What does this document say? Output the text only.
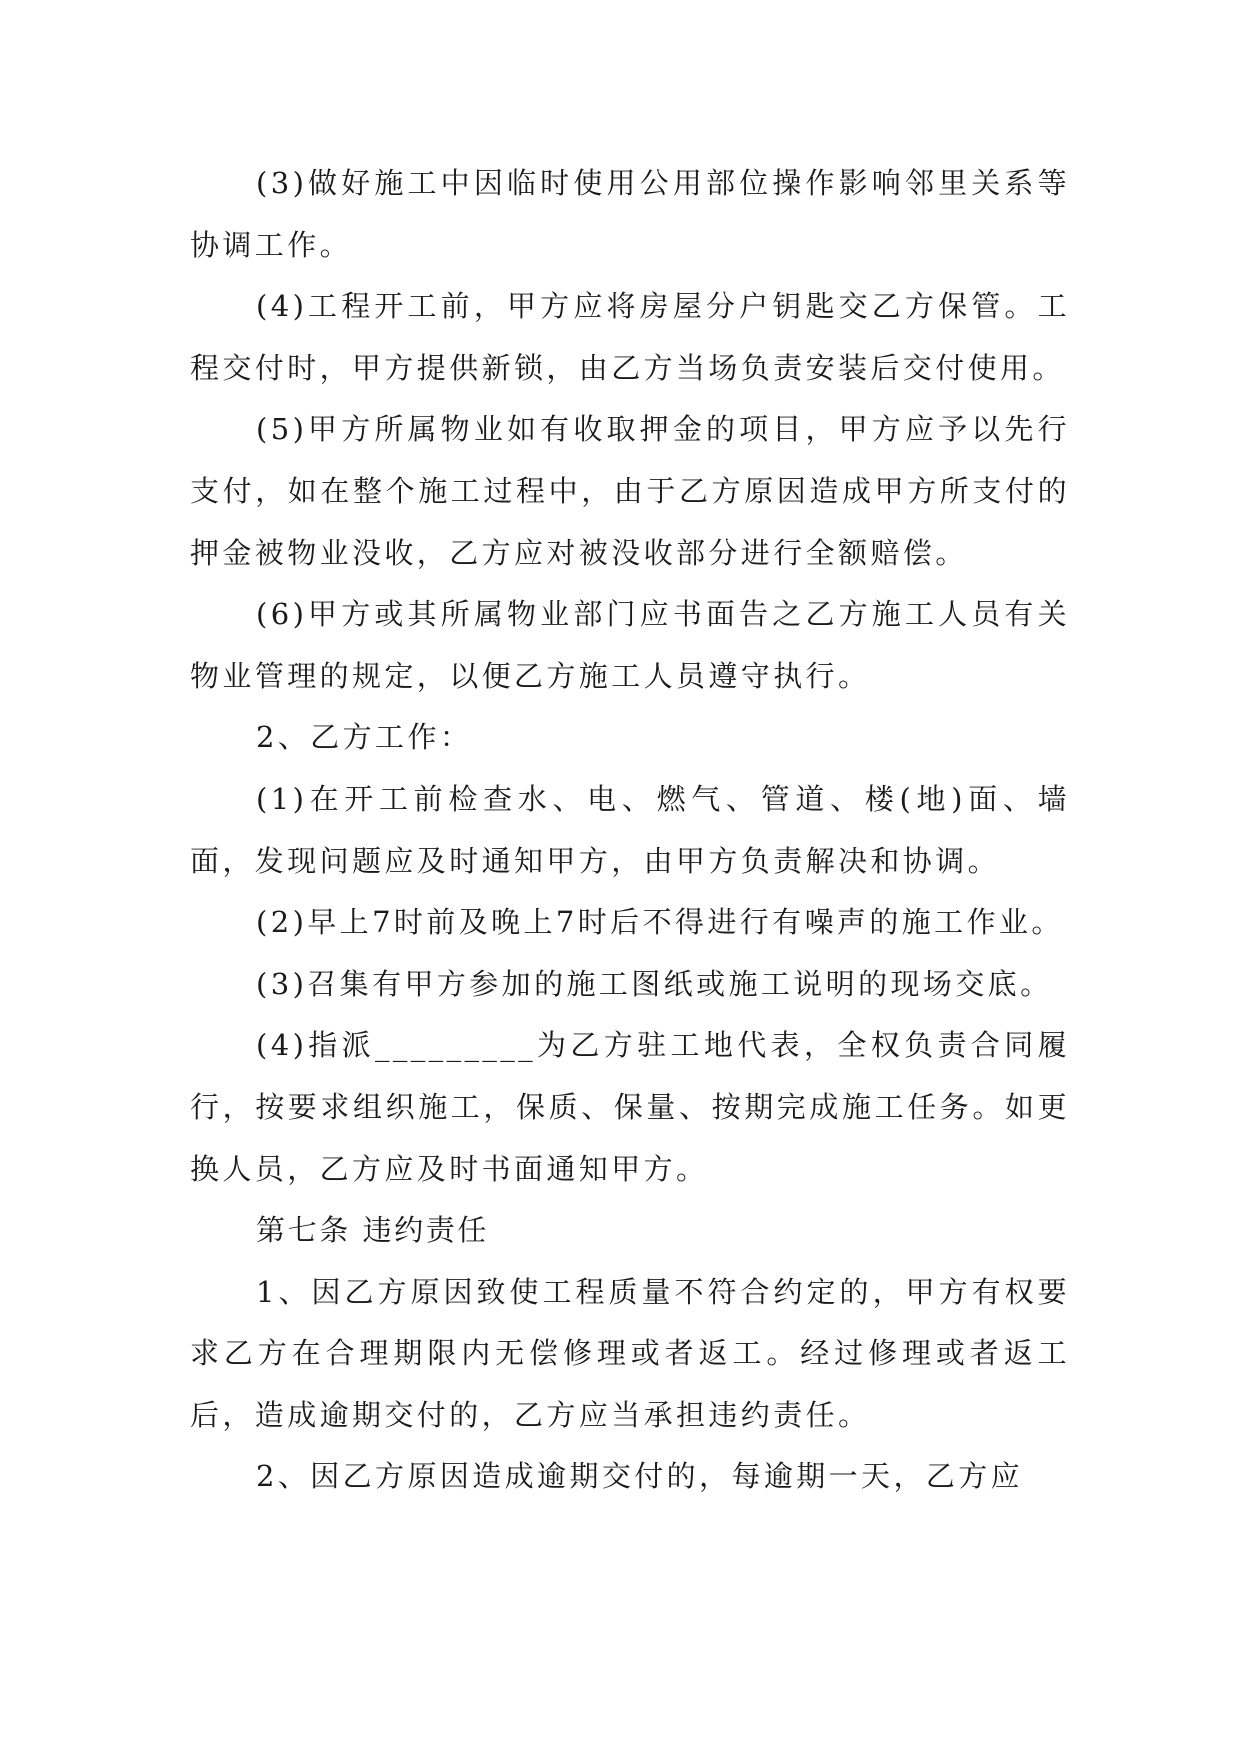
(3)做好施工中因临时使用公用部位操作影响邻里关系等协调工作。

(4)工程开工前，甲方应将房屋分户钥匙交乙方保管。工程交付时，甲方提供新锁，由乙方当场负责安装后交付使用。

(5)甲方所属物业如有收取押金的项目，甲方应予以先行支付，如在整个施工过程中，由于乙方原因造成甲方所支付的押金被物业没收，乙方应对被没收部分进行全额赔偿。

(6)甲方或其所属物业部门应书面告之乙方施工人员有关物业管理的规定，以便乙方施工人员遵守执行。

2、乙方工作：

(1)在开工前检查水、电、燃气、管道、楼(地)面、墙面，发现问题应及时通知甲方，由甲方负责解决和协调。

(2)早上7时前及晚上7时后不得进行有噪声的施工作业。

(3)召集有甲方参加的施工图纸或施工说明的现场交底。

(4)指派_________为乙方驻工地代表，全权负责合同履行，按要求组织施工，保质、保量、按期完成施工任务。如更换人员，乙方应及时书面通知甲方。

第七条 违约责任

1、因乙方原因致使工程质量不符合约定的，甲方有权要求乙方在合理期限内无偿修理或者返工。经过修理或者返工后，造成逾期交付的，乙方应当承担违约责任。

2、因乙方原因造成逾期交付的，每逾期一天，乙方应
